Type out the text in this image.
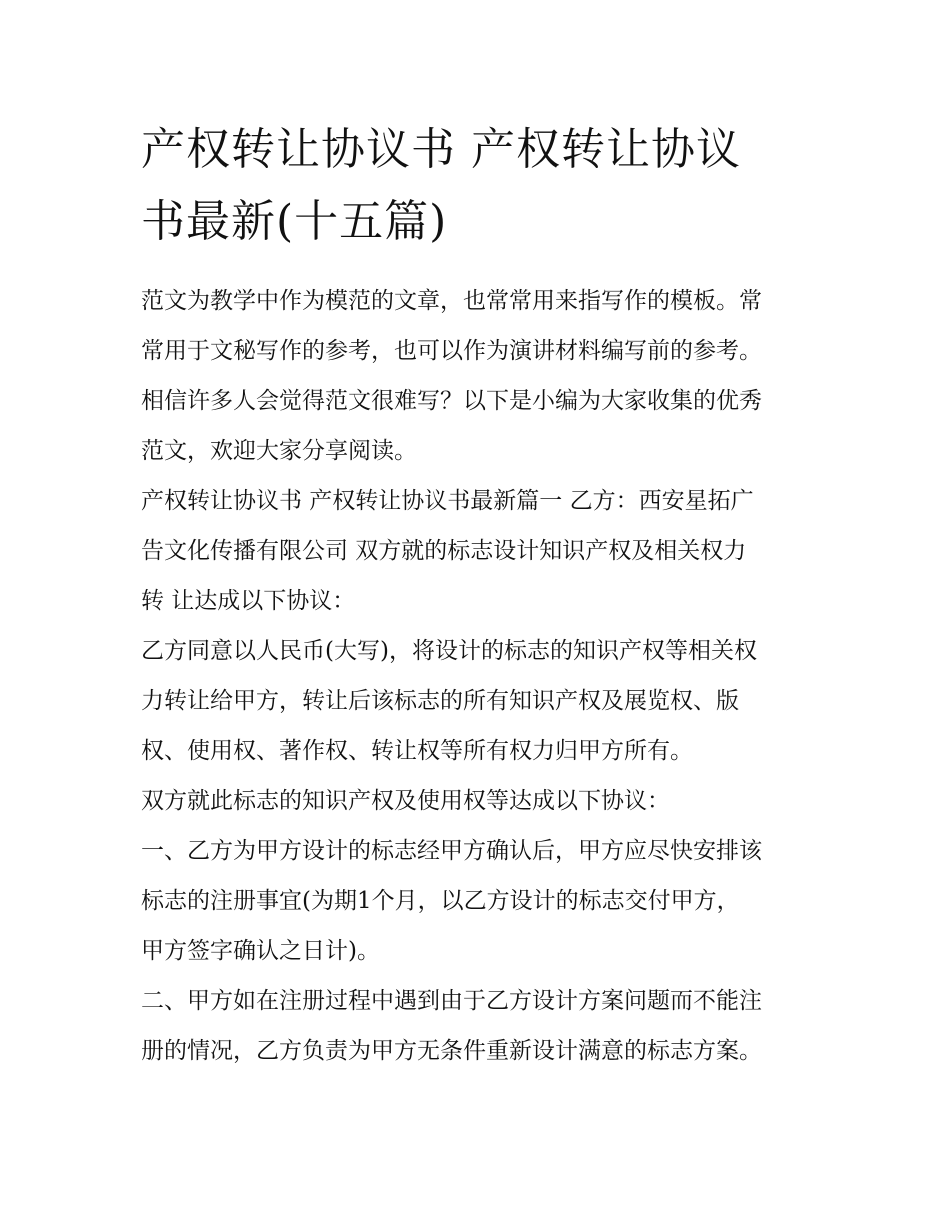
产权转让协议书 产权转让协议
书最新(十五篇)

范文为教学中作为模范的文章，也常常用来指写作的模板。常
常用于文秘写作的参考，也可以作为演讲材料编写前的参考。
相信许多人会觉得范文很难写？以下是小编为大家收集的优秀
范文，欢迎大家分享阅读。

产权转让协议书 产权转让协议书最新篇一 乙方：西安星拓广
告文化传播有限公司 双方就的标志设计知识产权及相关权力
转 让达成以下协议：

乙方同意以人民币(大写)，将设计的标志的知识产权等相关权
力转让给甲方，转让后该标志的所有知识产权及展览权、版
权、使用权、著作权、转让权等所有权力归甲方所有。

双方就此标志的知识产权及使用权等达成以下协议：

一、乙方为甲方设计的标志经甲方确认后，甲方应尽快安排该
标志的注册事宜(为期1个月，以乙方设计的标志交付甲方，
甲方签字确认之日计)。

二、甲方如在注册过程中遇到由于乙方设计方案问题而不能注
册的情况，乙方负责为甲方无条件重新设计满意的标志方案。
